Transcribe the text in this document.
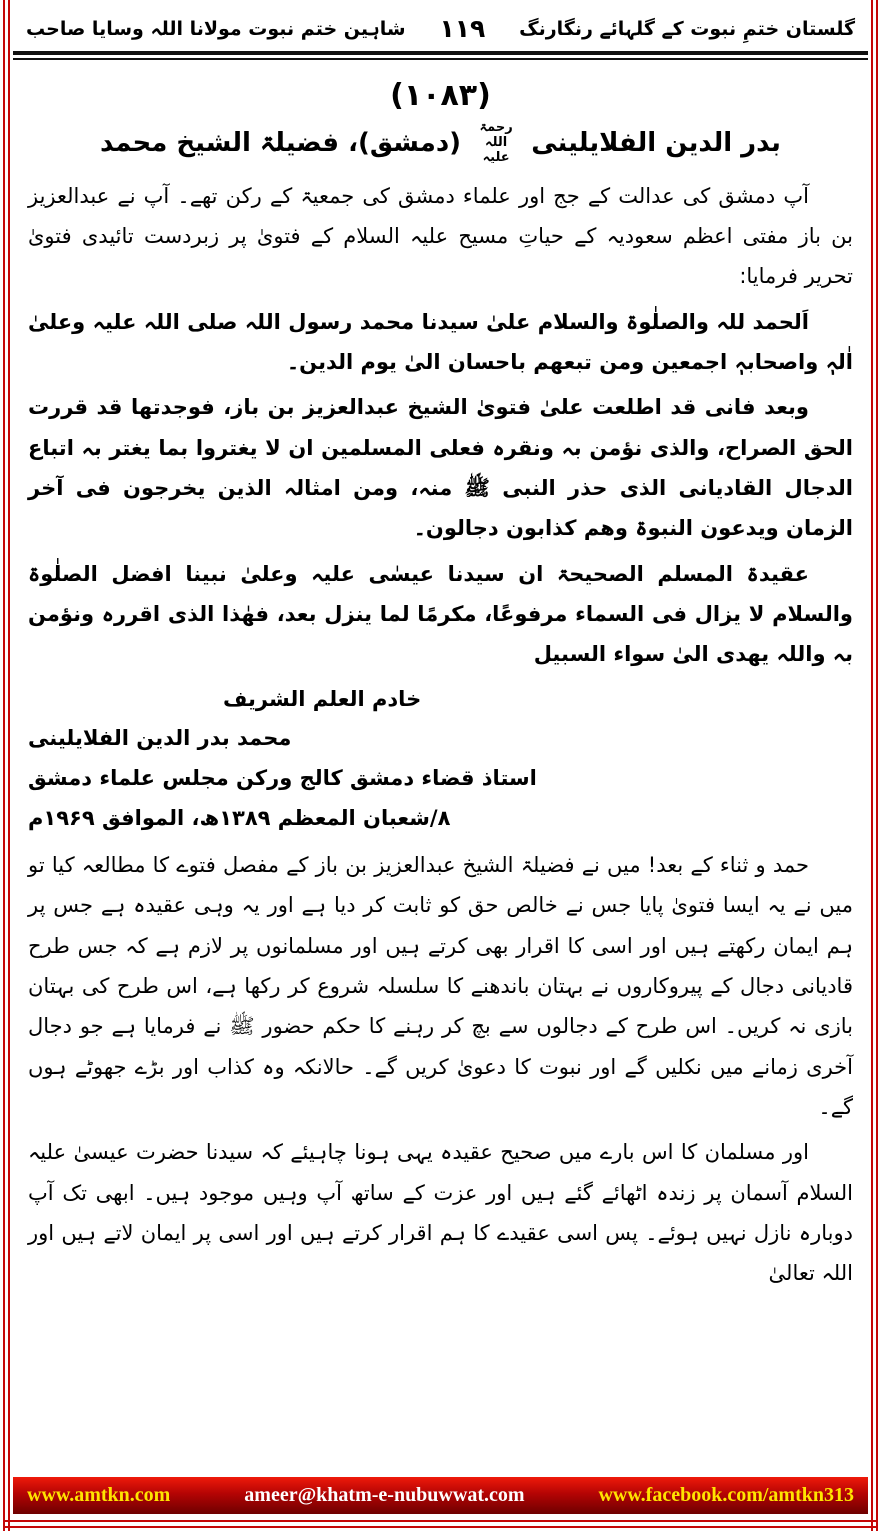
گلستان ختمِ نبوت کے گلہائے رنگارنگ
۱۱۹
شاہین ختم نبوت مولانا اللہ وسایا صاحب
(۱۰۸۳)
بدر الدین الفلایلینی رحمۃ اللہ علیہ (دمشق)، فضیلۃ الشیخ محمد

آپ دمشق کی عدالت کے جج اور علماء دمشق کی جمعیۃ کے رکن تھے۔ آپ نے عبدالعزیز بن باز مفتی اعظم سعودیہ کے حیاتِ مسیح علیہ السلام کے فتویٰ پر زبردست تائیدی فتویٰ تحریر فرمایا:

اَلحمد للہ والصلٰوۃ والسلام علیٰ سیدنا محمد رسول اللہ صلی اللہ علیہ وعلیٰ اٰلہٖ واصحابہٖ اجمعین ومن تبعھم باحسان الیٰ یوم الدین۔

وبعد فانی قد اطلعت علیٰ فتویٰ الشیخ عبدالعزیز بن باز، فوجدتھا قد قررت الحق الصراح، والذی نؤمن بہ ونقرہ فعلی المسلمین ان لا یغتروا بما یغتر بہ اتباع الدجال القادیانی الذی حذر النبی ﷺ منہ، ومن امثالہ الذین یخرجون فی آخر الزمان ویدعون النبوۃ وھم کذابون دجالون۔

عقیدۃ المسلم الصحیحۃ ان سیدنا عیسٰی علیہ وعلیٰ نبینا افضل الصلٰوۃ والسلام لا یزال فی السماء مرفوعًا، مکرمًا لما ینزل بعد، فھٰذا الذی اقررہ ونؤمن بہ واللہ یھدی الیٰ سواء السبیل

خادم العلم الشریف
محمد بدر الدین الفلایلینی
استاذ قضاء دمشق کالج ورکن مجلس علماء دمشق
۸/شعبان المعظم ۱۳۸۹ھ، الموافق ۱۹۶۹م

حمد و ثناء کے بعد! میں نے فضیلۃ الشیخ عبدالعزیز بن باز کے مفصل فتوے کا مطالعہ کیا تو میں نے یہ ایسا فتویٰ پایا جس نے خالص حق کو ثابت کر دیا ہے اور یہ وہی عقیدہ ہے جس پر ہم ایمان رکھتے ہیں اور اسی کا اقرار بھی کرتے ہیں اور مسلمانوں پر لازم ہے کہ جس طرح قادیانی دجال کے پیروکاروں نے بہتان باندھنے کا سلسلہ شروع کر رکھا ہے، اس طرح کی بہتان بازی نہ کریں۔ اس طرح کے دجالوں سے بچ کر رہنے کا حکم حضور ﷺ نے فرمایا ہے جو دجال آخری زمانے میں نکلیں گے اور نبوت کا دعویٰ کریں گے۔ حالانکہ وہ کذاب اور بڑے جھوٹے ہوں گے۔

اور مسلمان کا اس بارے میں صحیح عقیدہ یہی ہونا چاہیئے کہ سیدنا حضرت عیسیٰ علیہ السلام آسمان پر زندہ اٹھائے گئے ہیں اور عزت کے ساتھ آپ وہیں موجود ہیں۔ ابھی تک آپ دوبارہ نازل نہیں ہوئے۔ پس اسی عقیدے کا ہم اقرار کرتے ہیں اور اسی پر ایمان لاتے ہیں اور اللہ تعالیٰ

www.amtkn.com	ameer@khatm-e-nubuwwat.com	www.facebook.com/amtkn313
